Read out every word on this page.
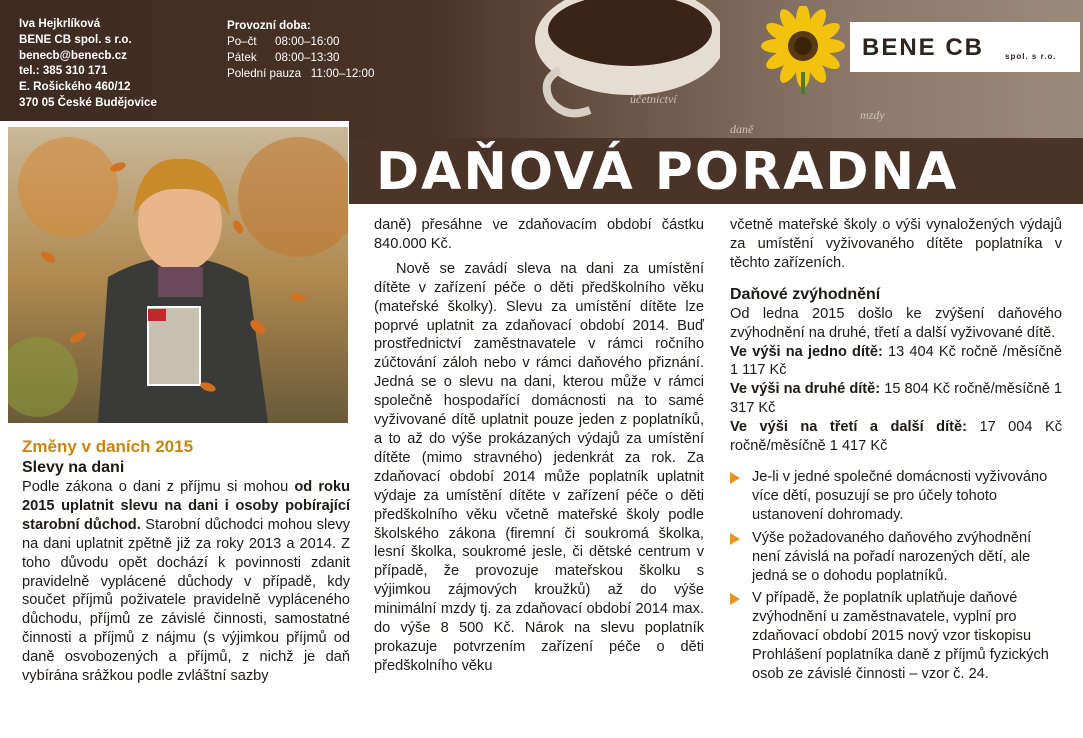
účetnictví
mzdy
daně
Iva Hejkrlíková
BENE CB spol. s r.o.
benecb@benecb.cz
tel.: 385 310 171
E. Rošického 460/12
370 05 České Budějovice
Provozní doba:
Po–čt 08:00–16:00
Pátek 08:00–13:30
Polední pauza   11:00–12:00
BENE CB	spol. s r.o.
DAŇOVÁ PORADNA
Změny v daních 2015
Slevy na dani

Podle zákona o dani z příjmu si mohou od roku 2015 uplatnit slevu na dani i osoby pobírající starobní důchod. Starobní důchodci mohou slevy na dani uplatnit zpětně již za roky 2013 a 2014. Z toho důvodu opět dochází k povinnosti zdanit pravidelně vyplácené důchody v případě, kdy součet příjmů poživatele pravidelně vypláceného důchodu, příjmů ze závislé činnosti, samostatné činnosti a příjmů z nájmu (s výjimkou příjmů od daně osvobozených a příjmů, z nichž je daň vybírána srážkou podle zvláštní sazby

daně) přesáhne ve zdaňovacím období částku 840.000 Kč.

Nově se zavádí sleva na dani za umístění dítěte v zařízení péče o děti předškolního věku (mateřské školky). Slevu za umístění dítěte lze poprvé uplatnit za zdaňovací období 2014. Buď prostřednictví zaměstnavatele v rámci ročního zúčtování záloh nebo v rámci daňového přiznání. Jedná se o slevu na dani, kterou může v rámci společně hospodařící domácnosti na to samé vyživované dítě uplatnit pouze jeden z poplatníků, a to až do výše prokázaných výdajů za umístění dítěte (mimo stravného) jedenkrát za rok. Za zdaňovací období 2014 může poplatník uplatnit výdaje za umístění dítěte v zařízení péče o děti předškolního věku včetně mateřské školy podle školského zákona (firemní či soukromá školka, lesní školka, soukromé jesle, či dětské centrum v případě, že provozuje mateřskou školku s výjimkou zájmových kroužků) až do výše minimální mzdy tj. za zdaňovací období 2014 max. do výše 8 500 Kč. Nárok na slevu poplatník prokazuje potvrzením zařízení péče o děti předškolního věku

včetně mateřské školy o výši vynaložených výdajů za umístění vyživovaného dítěte poplatníka v těchto zařízeních.

Daňové zvýhodnění

Od ledna 2015 došlo ke zvýšení daňového zvýhodnění na druhé, třetí a další vyživované dítě.

Ve výši na jedno dítě: 13 404 Kč ročně /měsíčně 1 117 Kč

Ve výši na druhé dítě: 15 804 Kč ročně/měsíčně 1 317 Kč

Ve výši na třetí a další dítě: 17 004 Kč ročně/měsíčně 1 417 Kč

Je-li v jedné společné domácnosti vyživováno více dětí, posuzují se pro účely tohoto ustanovení dohromady.
Výše požadovaného daňového zvýhodnění není závislá na pořadí narozených dětí, ale jedná se o dohodu poplatníků.
V případě, že poplatník uplatňuje daňové zvýhodnění u zaměstnavatele, vyplní pro zdaňovací období 2015 nový vzor tiskopisu Prohlášení poplatníka daně z příjmů fyzických osob ze závislé činnosti – vzor č. 24.
